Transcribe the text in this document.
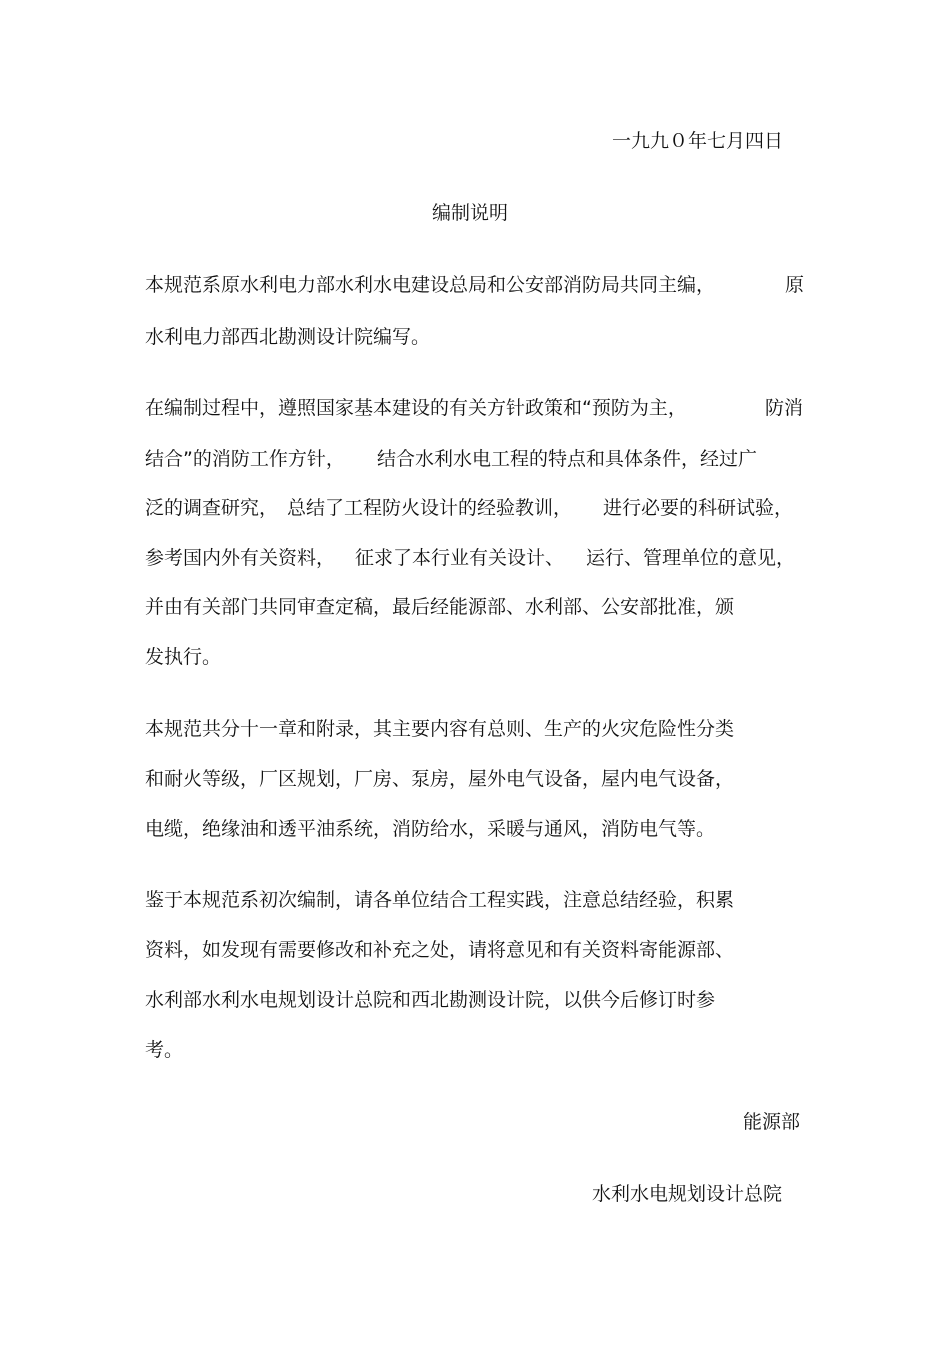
一九九０年七月四日
编制说明
本规范系原水利电力部水利水电建设总局和公安部消防局共同主编，	原
水利电力部西北勘测设计院编写。
在编制过程中，遵照国家基本建设的有关方针政策和“预防为主，	防消
结合”的消防工作方针， 结合水利水电工程的特点和具体条件，经过广
泛的调查研究， 总结了工程防火设计的经验教训， 进行必要的科研试验，
参考国内外有关资料， 征求了本行业有关设计、 运行、管理单位的意见，
并由有关部门共同审查定稿，最后经能源部、水利部、公安部批准，颁
发执行。
本规范共分十一章和附录，其主要内容有总则、生产的火灾危险性分类
和耐火等级，厂区规划，厂房、泵房，屋外电气设备，屋内电气设备，
电缆，绝缘油和透平油系统，消防给水，采暖与通风，消防电气等。
鉴于本规范系初次编制，请各单位结合工程实践，注意总结经验，积累
资料，如发现有需要修改和补充之处，请将意见和有关资料寄能源部、
水利部水利水电规划设计总院和西北勘测设计院，以供今后修订时参
考。
能源部
水利水电规划设计总院
